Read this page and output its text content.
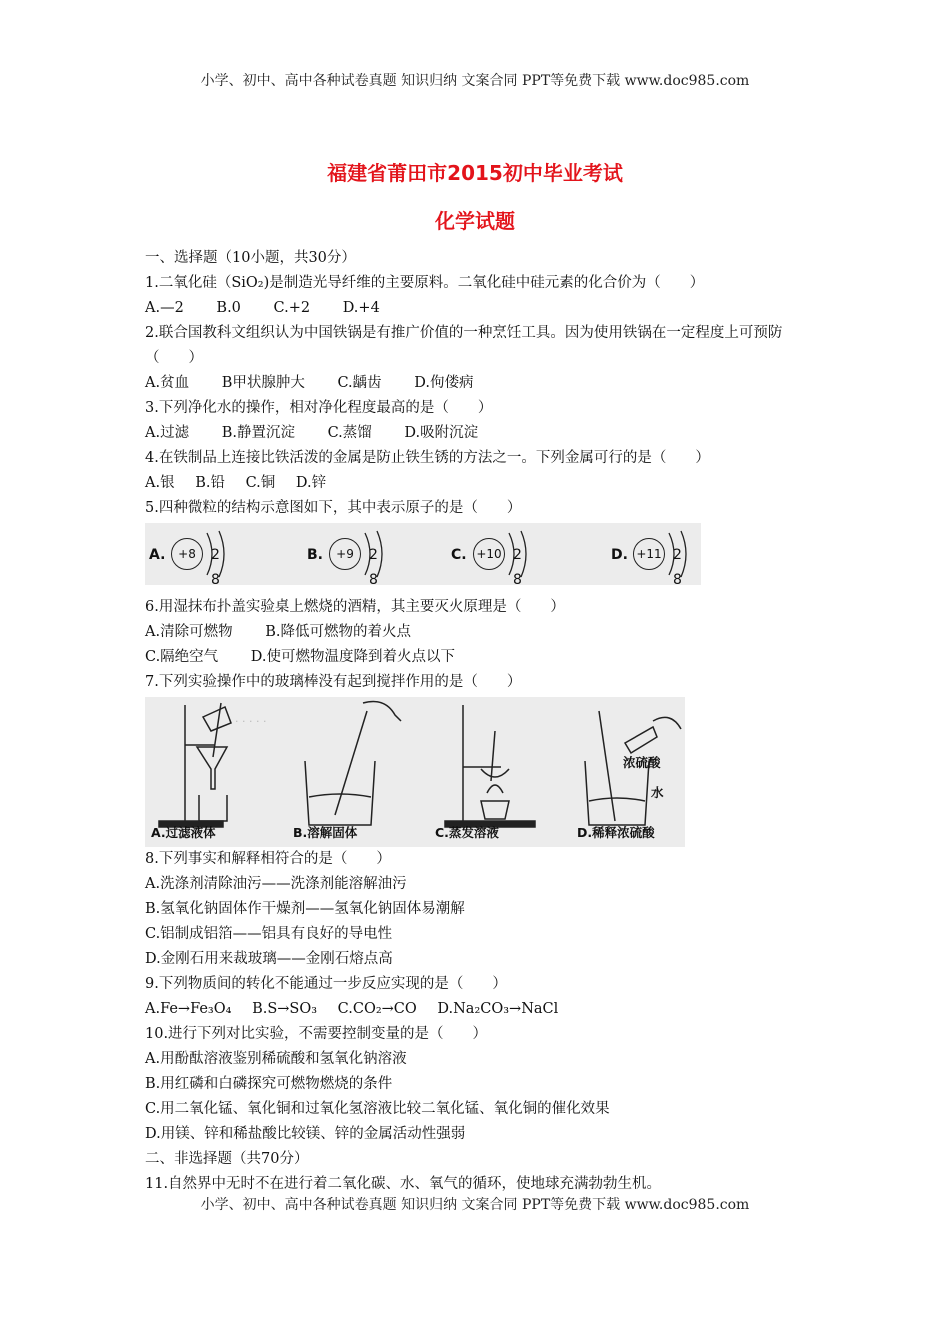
小学、初中、高中各种试卷真题 知识归纳 文案合同 PPT等免费下载 www.doc985.com
福建省莆田市2015初中毕业考试
化学试题
一、选择题（10小题，共30分）
1.二氧化硅（SiO₂)是制造光导纤维的主要原料。二氧化硅中硅元素的化合价为（　　）
A.—2 B.0 C.+2 D.+4
2.联合国教科文组织认为中国铁锅是有推广价值的一种烹饪工具。因为使用铁锅在一定程度上可预防（　　）
A.贫血 B甲状腺肿大 C.龋齿 D.佝偻病
3.下列净化水的操作，相对净化程度最高的是（　　）
A.过滤 B.静置沉淀 C.蒸馏 D.吸附沉淀
4.在铁制品上连接比铁活泼的金属是防止铁生锈的方法之一。下列金属可行的是（　　）
A.银 B.铅 C.铜 D.锌
5.四种微粒的结构示意图如下，其中表示原子的是（　　）
A.	+8	2 8
B.	+9	2 8
C. +10 2 8
D. +11 2 8
6.用湿抹布扑盖实验桌上燃烧的酒精，其主要灭火原理是（　　）
A.清除可燃物 B.降低可燃物的着火点
C.隔绝空气 D.使可燃物温度降到着火点以下
7.下列实验操作中的玻璃棒没有起到搅拌作用的是（　　）
· · · · ·
A.过滤液体	B.溶解固体	C.蒸发溶液	D.稀释浓硫酸
浓硫酸
水
8.下列事实和解释相符合的是（　　）
A.洗涤剂清除油污——洗涤剂能溶解油污
B.氢氧化钠固体作干燥剂——氢氧化钠固体易潮解
C.铝制成铝箔——铝具有良好的导电性
D.金刚石用来裁玻璃——金刚石熔点高
9.下列物质间的转化不能通过一步反应实现的是（　　）
A.Fe→Fe₃O₄ B.S→SO₃ C.CO₂→CO D.Na₂CO₃→NaCl
10.进行下列对比实验，不需要控制变量的是（　　）
A.用酚酞溶液鉴别稀硫酸和氢氧化钠溶液
B.用红磷和白磷探究可燃物燃烧的条件
C.用二氧化锰、氧化铜和过氧化氢溶液比较二氧化锰、氧化铜的催化效果
D.用镁、锌和稀盐酸比较镁、锌的金属活动性强弱
二、非选择题（共70分）
11.自然界中无时不在进行着二氧化碳、水、氧气的循环，使地球充满勃勃生机。
小学、初中、高中各种试卷真题 知识归纳 文案合同 PPT等免费下载 www.doc985.com
